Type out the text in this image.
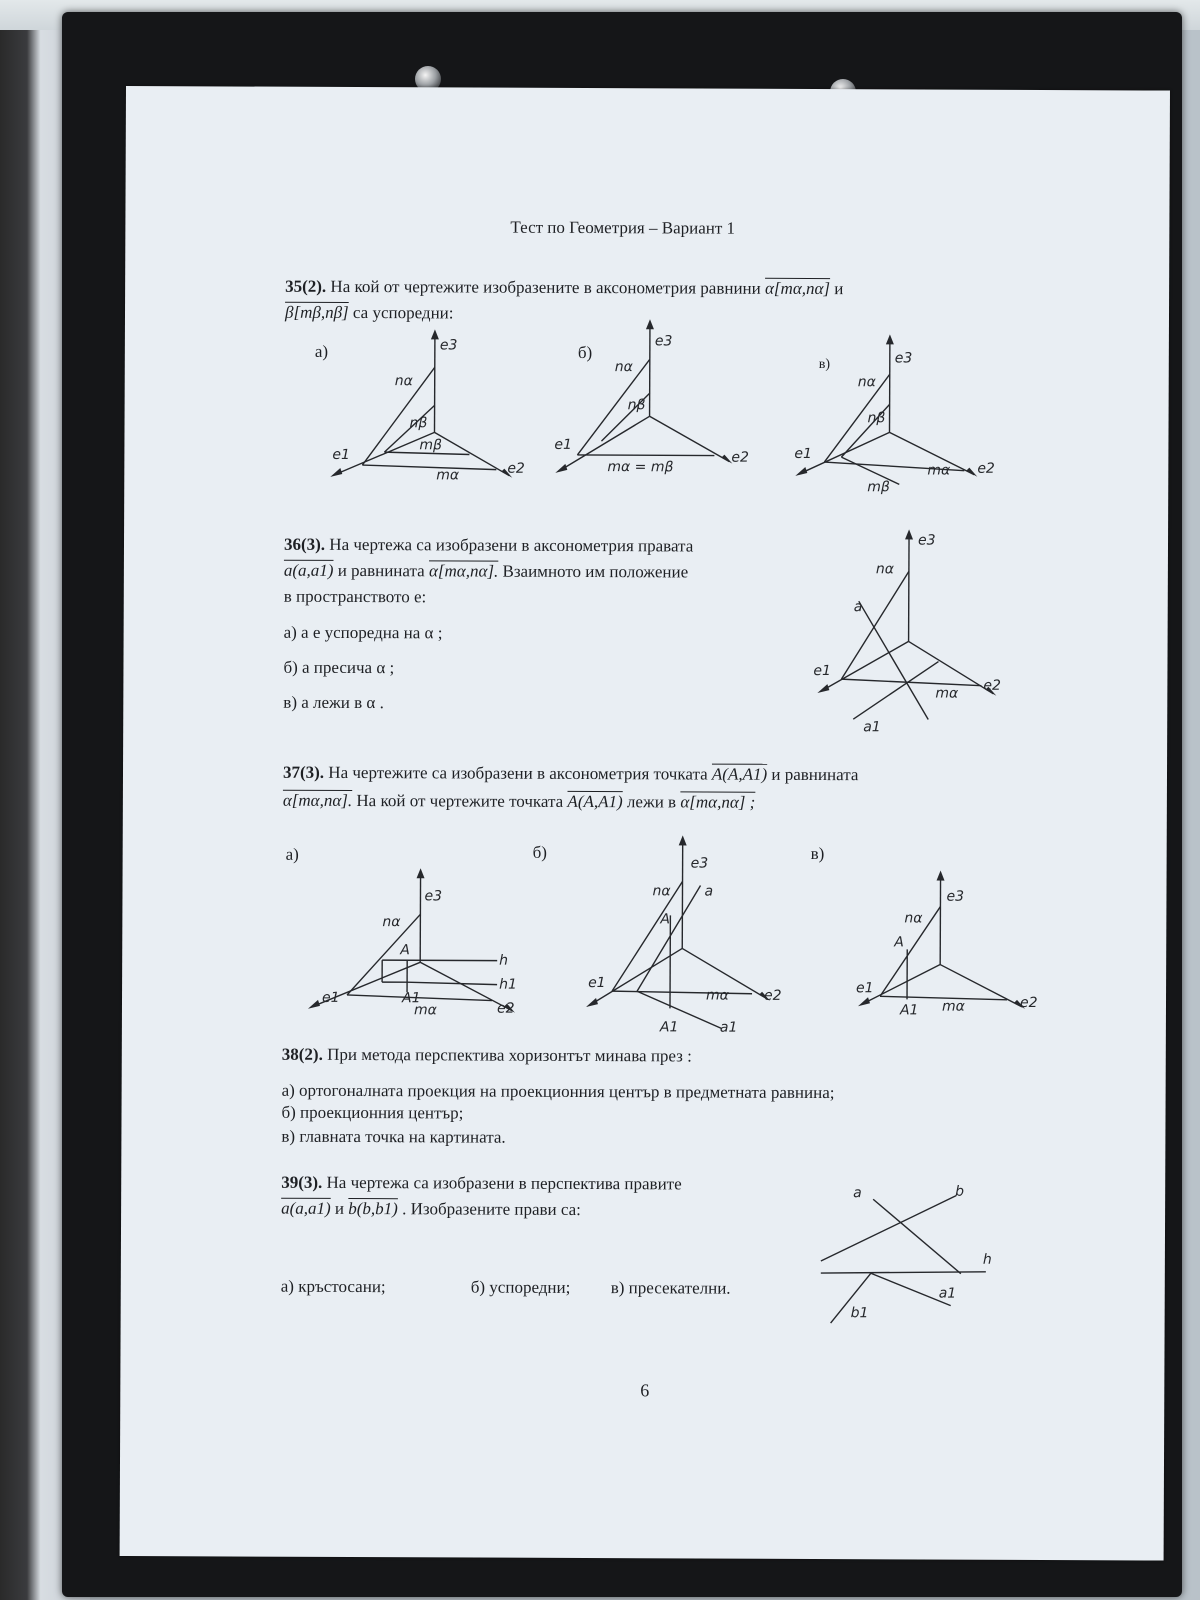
Тест по Геометрия – Вариант 1
35(2). На кой от чертежите изобразените в аксонометрия равнини α[mα,nα] и
β[mβ,nβ] са успоредни:
а)	б)
в)
e3
e1
e2
nα
nβ
mβ
mα
e3
e1
e2
nα
nβ
mα = mβ
e3
e1
e2
nα
nβ
mα
mβ
36(3). На чертежа са изобразени в аксонометрия правата
a(a,a1) и равнината α[mα,nα]. Взаимното им положение
в пространството е:
а) a е успоредна на α ;
б) a пресича α ;
в) a лежи в α .
e3
e1
e2
nα
a
mα
a1
37(3). На чертежите са изобразени в аксонометрия точката A(A,A1) и равнината
α[mα,nα]. На кой от чертежите точката A(A,A1) лежи в α[mα,nα] ;
а)	б)	в)
e3
e1
e2
nα
A
A1
mα
h
h1
e3
e1
e2
nα a
A
mα
A1	a1
e3
e1
e2
nα
A
A1 mα
38(2). При метода перспектива хоризонтът минава през :
а) ортогоналната проекция на проекционния център в предметната равнина;
б) проекционния център;
в) главната точка на картината.
39(3). На чертежа са изобразени в перспектива правите
a(a,a1) и b(b,b1) . Изобразените прави са:
а) кръстосани;	б) успоредни; в) пресекателни.
a	b
h
a1
b1
6
